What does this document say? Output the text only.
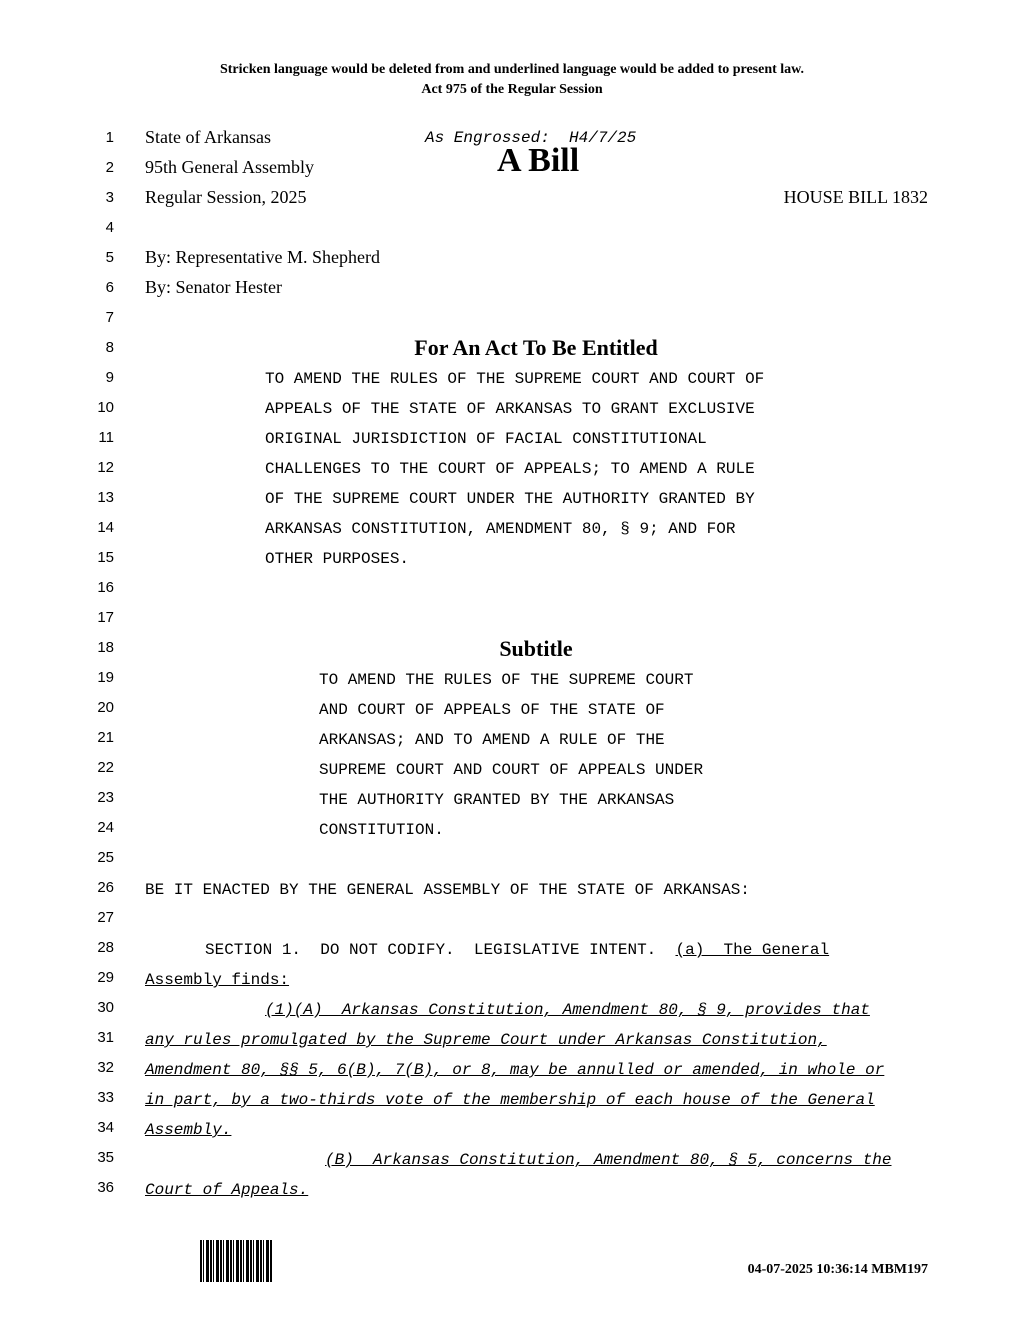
Stricken language would be deleted from and underlined language would be added to present law.
Act 975 of the Regular Session
1
2
3
4
5
6
7
8
9
10
11
12
13
14
15
16
17
18
19
20
21
22
23
24
25
26
27
28
29
30
31
32
33
34
35
36
State of Arkansas	As Engrossed:  H4/7/25
95th General Assembly	A Bill
Regular Session, 2025	HOUSE BILL 1832
By: Representative M. Shepherd
By: Senator Hester
For An Act To Be Entitled
TO AMEND THE RULES OF THE SUPREME COURT AND COURT OF
APPEALS OF THE STATE OF ARKANSAS TO GRANT EXCLUSIVE
ORIGINAL JURISDICTION OF FACIAL CONSTITUTIONAL
CHALLENGES TO THE COURT OF APPEALS; TO AMEND A RULE
OF THE SUPREME COURT UNDER THE AUTHORITY GRANTED BY
ARKANSAS CONSTITUTION, AMENDMENT 80, § 9; AND FOR
OTHER PURPOSES.
Subtitle
TO AMEND THE RULES OF THE SUPREME COURT
AND COURT OF APPEALS OF THE STATE OF
ARKANSAS; AND TO AMEND A RULE OF THE
SUPREME COURT AND COURT OF APPEALS UNDER
THE AUTHORITY GRANTED BY THE ARKANSAS
CONSTITUTION.
BE IT ENACTED BY THE GENERAL ASSEMBLY OF THE STATE OF ARKANSAS:
SECTION 1.  DO NOT CODIFY.  LEGISLATIVE INTENT.  (a)  The General
Assembly finds:
(1)(A)  Arkansas Constitution, Amendment 80, § 9, provides that
any rules promulgated by the Supreme Court under Arkansas Constitution,
Amendment 80, §§ 5, 6(B), 7(B), or 8, may be annulled or amended, in whole or
in part, by a two-thirds vote of the membership of each house of the General
Assembly.
(B)  Arkansas Constitution, Amendment 80, § 5, concerns the
Court of Appeals.
04-07-2025 10:36:14 MBM197
